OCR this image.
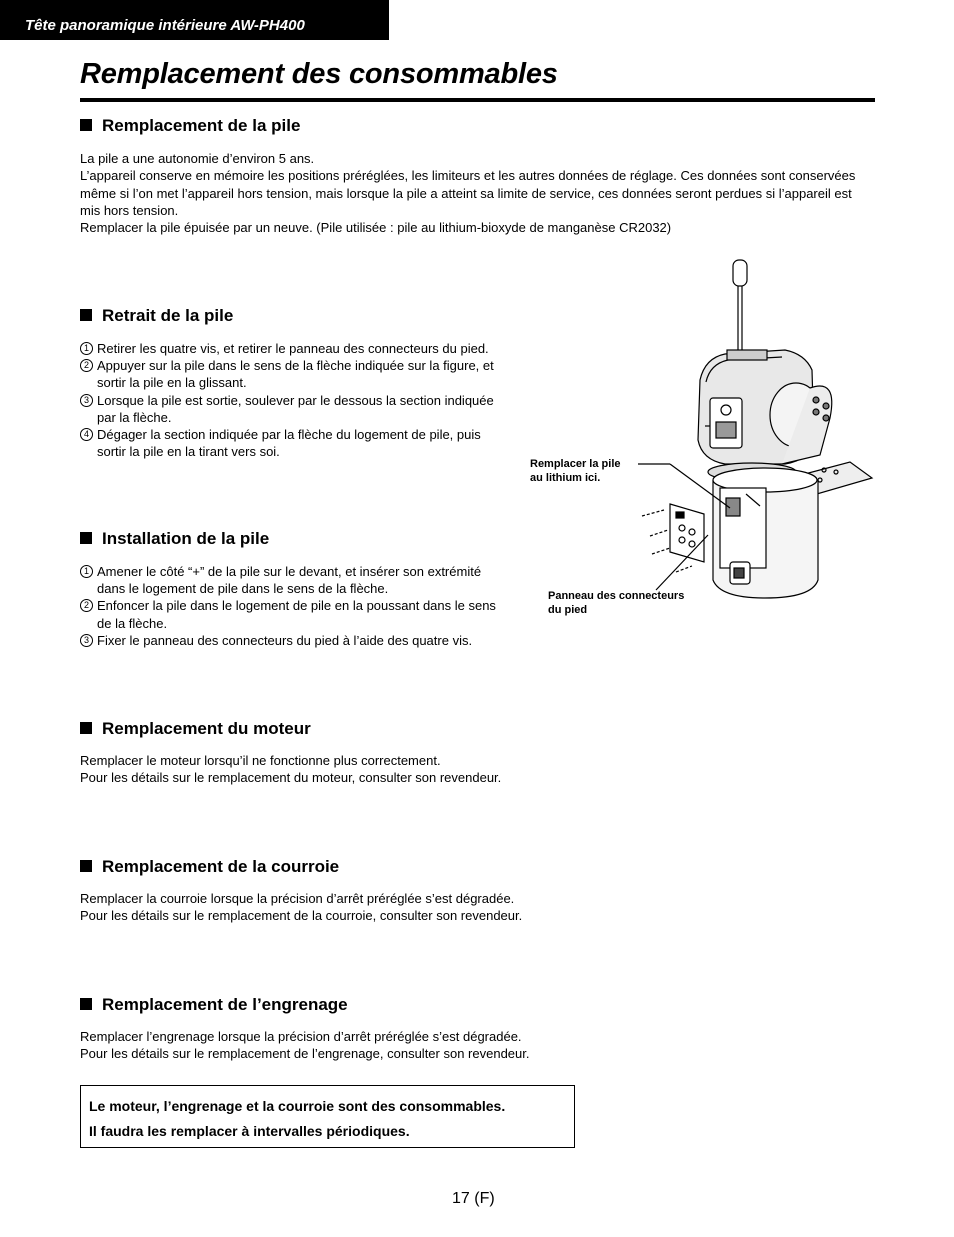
Tête panoramique intérieure AW-PH400
Remplacement des consommables
Remplacement de la pile

La pile a une autonomie d’environ 5 ans.

L’appareil conserve en mémoire les positions préréglées, les limiteurs et les autres données de réglage. Ces données sont conservées même si l’on met l’appareil hors tension, mais lorsque la pile a atteint sa limite de service, ces données seront perdues si l’appareil est mis hors tension.

Remplacer la pile épuisée par un neuve. (Pile utilisée : pile au lithium-bioxyde de manganèse CR2032)

Retrait de la pile
1 Retirer les quatre vis, et retirer le panneau des connecteurs du pied.
2 Appuyer sur la pile dans le sens de la flèche indiquée sur la figure, et sortir la pile en la glissant.
3 Lorsque la pile est sortie, soulever par le dessous la section indiquée par la flèche.
4 Dégager la section indiquée par la flèche du logement de pile, puis sortir la pile en la tirant vers soi.
Installation de la pile
1 Amener le côté “+” de la pile sur le devant, et insérer son extrémité dans le logement de pile dans le sens de la flèche.
2 Enfoncer la pile dans le logement de pile en la poussant dans le sens de la flèche.
3 Fixer le panneau des connecteurs du pied à l’aide des quatre vis.

Remplacer la pile
au lithium ici.

Panneau des connecteurs
du pied

Remplacement du moteur

Remplacer le moteur lorsqu’il ne fonctionne plus correctement.

Pour les détails sur le remplacement du moteur, consulter son revendeur.

Remplacement de la courroie

Remplacer la courroie lorsque la précision d’arrêt préréglée s’est dégradée.

Pour les détails sur le remplacement de la courroie, consulter son revendeur.

Remplacement de l’engrenage

Remplacer l’engrenage lorsque la précision d’arrêt préréglée s’est dégradée.

Pour les détails sur le remplacement de l’engrenage, consulter son revendeur.

Le moteur, l’engrenage et la courroie sont des consommables.

Il faudra les remplacer à intervalles périodiques.

17 (F)
